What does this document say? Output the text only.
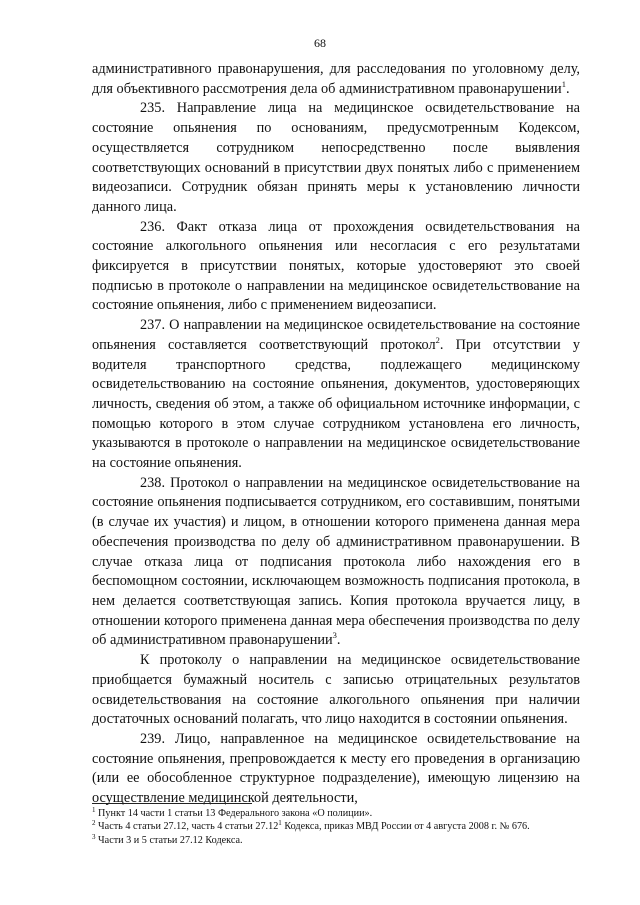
68

административного правонарушения, для расследования по уголовному делу, для объективного рассмотрения дела об административном правонарушении$^1$.

235. Направление лица на медицинское освидетельствование на состояние опьянения по основаниям, предусмотренным Кодексом, осуществляется сотрудником непосредственно после выявления соответствующих оснований в присутствии двух понятых либо с применением видеозаписи. Сотрудник обязан принять меры к установлению личности данного лица.

236. Факт отказа лица от прохождения освидетельствования на состояние алкогольного опьянения или несогласия с его результатами фиксируется в присутствии понятых, которые удостоверяют это своей подписью в протоколе о направлении на медицинское освидетельствование на состояние опьянения, либо с применением видеозаписи.

237. О направлении на медицинское освидетельствование на состояние опьянения составляется соответствующий протокол$^2$. При отсутствии у водителя транспортного средства, подлежащего медицинскому освидетельствованию на состояние опьянения, документов, удостоверяющих личность, сведения об этом, а также об официальном источнике информации, с помощью которого в этом случае сотрудником установлена его личность, указываются в протоколе о направлении на медицинское освидетельствование на состояние опьянения.

238. Протокол о направлении на медицинское освидетельствование на состояние опьянения подписывается сотрудником, его составившим, понятыми (в случае их участия) и лицом, в отношении которого применена данная мера обеспечения производства по делу об административном правонарушении. В случае отказа лица от подписания протокола либо нахождения его в беспомощном состоянии, исключающем возможность подписания протокола, в нем делается соответствующая запись. Копия протокола вручается лицу, в отношении которого применена данная мера обеспечения производства по делу об административном правонарушении$^3$.

К протоколу о направлении на медицинское освидетельствование приобщается бумажный носитель с записью отрицательных результатов освидетельствования на состояние алкогольного опьянения при наличии достаточных оснований полагать, что лицо находится в состоянии опьянения.

239. Лицо, направленное на медицинское освидетельствование на состояние опьянения, препровождается к месту его проведения в организацию (или ее обособленное структурное подразделение), имеющую лицензию на осуществление медицинской деятельности,

$^1$ Пункт 14 части 1 статьи 13 Федерального закона «О полиции».
$^2$ Часть 4 статьи 27.12, часть 4 статьи 27.12$^1$ Кодекса, приказ МВД России от 4 августа 2008 г. № 676.
$^3$ Части 3 и 5 статьи 27.12 Кодекса.
